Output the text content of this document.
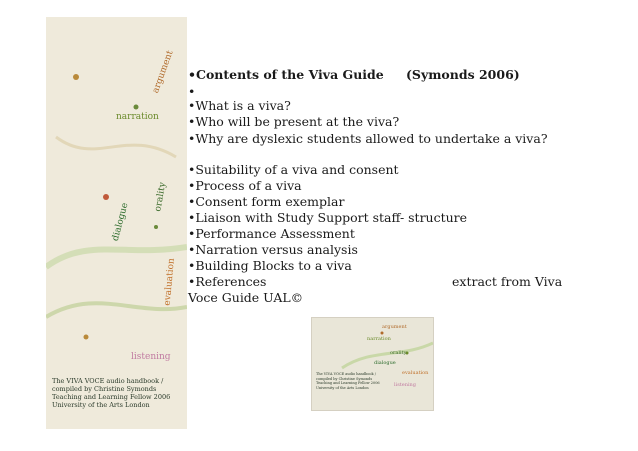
argument
narration
orality
dialogue
evaluation
listening
The VIVA VOCE audio handbook /
compiled by Christine Symonds
Teaching and Learning Fellow 2006
University of the Arts London
•Contents of the Viva Guide (Symonds 2006)
•
•What is a viva?
•Who will be present at the viva?
•Why are dyslexic students allowed to undertake a viva?
•Suitability of a viva and consent
•Process of a viva
•Consent form exemplar
•Liaison with Study Support staff- structure
•Performance Assessment
•Narration versus analysis
•Building Blocks to a viva
•References	extract from Viva
Voce Guide UAL©
argument
narration
orality
dialogue
evaluation
listening
The VIVA VOCE audio handbook /
compiled by Christine Symonds
Teaching and Learning Fellow 2006
University of the Arts London
